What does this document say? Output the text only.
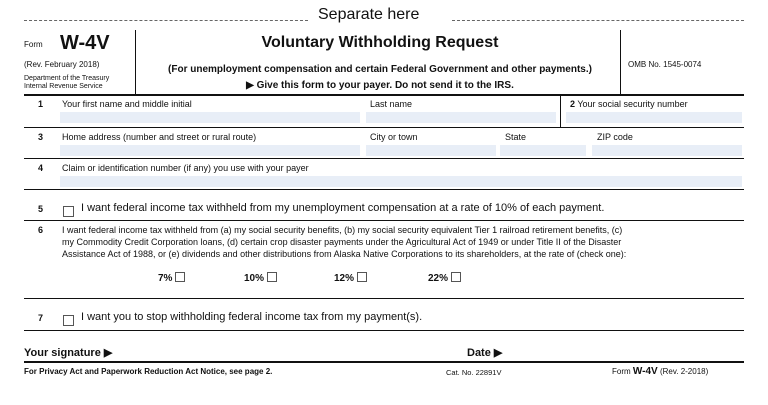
Separate here
Form W-4V
(Rev. February 2018)
Department of the Treasury
Internal Revenue Service
Voluntary Withholding Request
(For unemployment compensation and certain Federal Government and other payments.)
▶ Give this form to your payer. Do not send it to the IRS.
OMB No. 1545-0074
1 Your first name and middle initial	Last name	2 Your social security number
3 Home address (number and street or rural route)	City or town	State	ZIP code
4 Claim or identification number (if any) you use with your payer
5	I want federal income tax withheld from my unemployment compensation at a rate of 10% of each payment.
6 I want federal income tax withheld from (a) my social security benefits, (b) my social security equivalent Tier 1 railroad retirement benefits, (c)
my Commodity Credit Corporation loans, (d) certain crop disaster payments under the Agricultural Act of 1949 or under Title II of the Disaster
Assistance Act of 1988, or (e) dividends and other distributions from Alaska Native Corporations to its shareholders, at the rate of (check one):
7%	10%	12%	22%
7	I want you to stop withholding federal income tax from my payment(s).
Your signature ▶	Date ▶
For Privacy Act and Paperwork Reduction Act Notice, see page 2.	Cat. No. 22891V	Form W-4V (Rev. 2-2018)
